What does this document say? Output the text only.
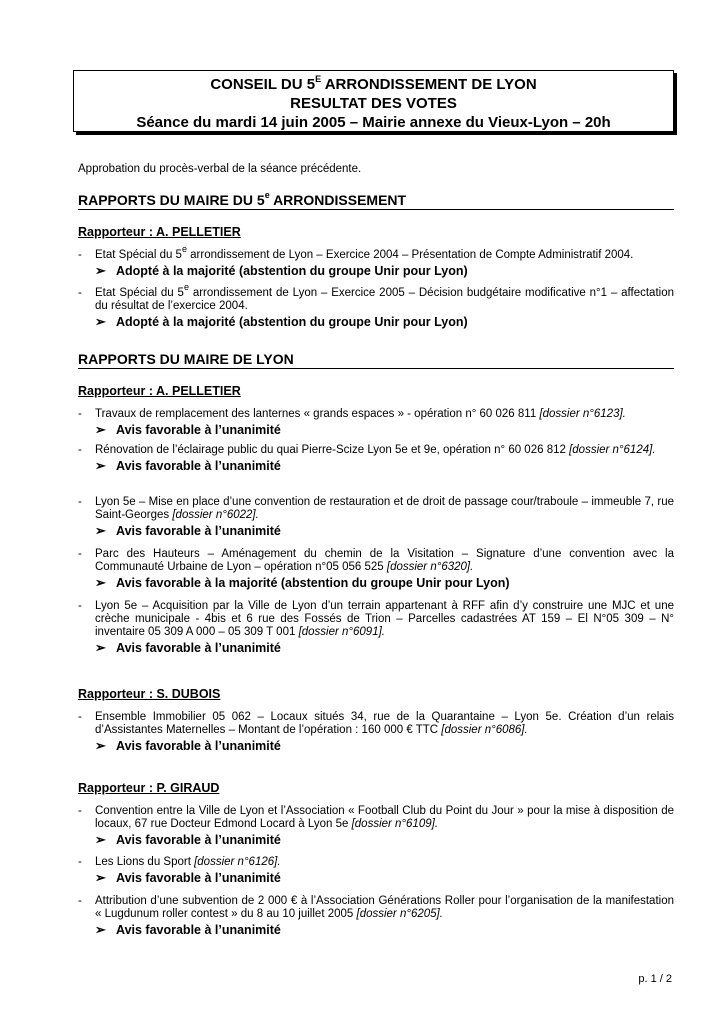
CONSEIL DU $5^E$ ARRONDISSEMENT DE LYON
RESULTAT DES VOTES
Séance du mardi 14 juin 2005 – Mairie annexe du Vieux-Lyon – 20h
Approbation du procès-verbal de la séance précédente.
RAPPORTS DU MAIRE DU 5e ARRONDISSEMENT
Rapporteur : A. PELLETIER
-	Etat Spécial du 5e arrondissement de Lyon – Exercice 2004 – Présentation de Compte Administratif 2004.
➢ Adopté à la majorité (abstention du groupe Unir pour Lyon)
-	Etat Spécial du 5e arrondissement de Lyon – Exercice 2005 – Décision budgétaire modificative n°1 – affectation du résultat de l’exercice 2004.
➢ Adopté à la majorité (abstention du groupe Unir pour Lyon)
RAPPORTS DU MAIRE DE LYON
Rapporteur : A. PELLETIER
-	Travaux de remplacement des lanternes « grands espaces » - opération n° 60 026 811 [dossier n°6123].
➢ Avis favorable à l’unanimité
-	Rénovation de l’éclairage public du quai Pierre-Scize Lyon 5e et 9e, opération n° 60 026 812 [dossier n°6124].
➢ Avis favorable à l’unanimité
-	Lyon 5e – Mise en place d’une convention de restauration et de droit de passage cour/traboule – immeuble 7, rue Saint-Georges [dossier n°6022].
➢ Avis favorable à l’unanimité
-	Parc des Hauteurs – Aménagement du chemin de la Visitation – Signature d’une convention avec la Communauté Urbaine de Lyon – opération n°05 056 525 [dossier n°6320].
➢ Avis favorable à la majorité (abstention du groupe Unir pour Lyon)
-	Lyon 5e – Acquisition par la Ville de Lyon d’un terrain appartenant à RFF afin d’y construire une MJC et une crèche municipale - 4bis et 6 rue des Fossés de Trion – Parcelles cadastrées AT 159 – El N°05 309 – N° inventaire 05 309 A 000 – 05 309 T 001 [dossier n°6091].
➢ Avis favorable à l’unanimité
Rapporteur : S. DUBOIS
-	Ensemble Immobilier 05 062 – Locaux situés 34, rue de la Quarantaine – Lyon 5e. Création d’un relais d’Assistantes Maternelles – Montant de l’opération : 160 000 € TTC [dossier n°6086].
➢ Avis favorable à l’unanimité
Rapporteur : P. GIRAUD
-	Convention entre la Ville de Lyon et l’Association « Football Club du Point du Jour » pour la mise à disposition de locaux, 67 rue Docteur Edmond Locard à Lyon 5e [dossier n°6109].
➢ Avis favorable à l’unanimité
-	Les Lions du Sport [dossier n°6126].
➢ Avis favorable à l’unanimité
-	Attribution d’une subvention de 2 000 € à l’Association Générations Roller pour l’organisation de la manifestation « Lugdunum roller contest » du 8 au 10 juillet 2005 [dossier n°6205].
➢ Avis favorable à l’unanimité
p. 1 / 2
